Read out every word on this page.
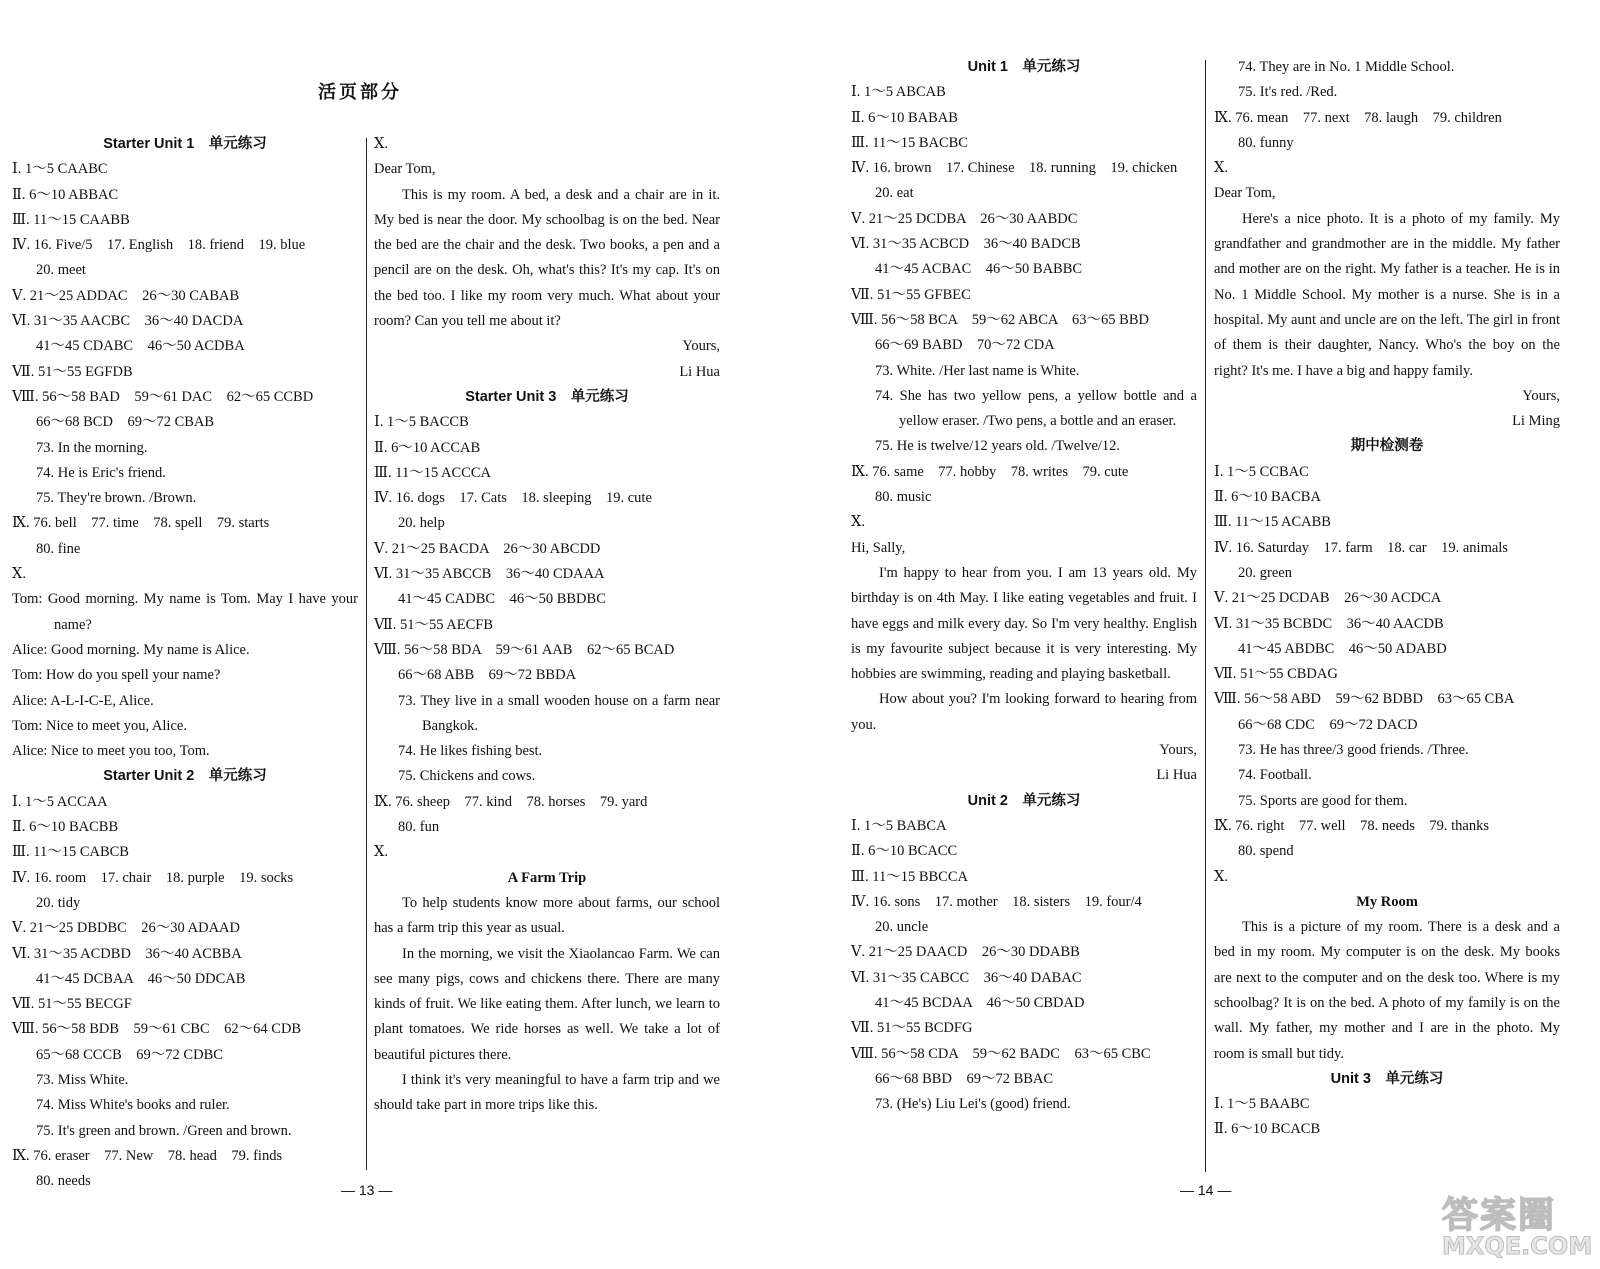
活页部分
Starter Unit 1　单元练习
Ⅰ. 1～5 CAABC
Ⅱ. 6～10 ABBAC
Ⅲ. 11～15 CAABB
Ⅳ. 16. Five/5　17. English　18. friend　19. blue
20. meet
Ⅴ. 21～25 ADDAC　26～30 CABAB
Ⅵ. 31～35 AACBC　36～40 DACDA
41～45 CDABC　46～50 ACDBA
Ⅶ. 51～55 EGFDB
Ⅷ. 56～58 BAD　59～61 DAC　62～65 CCBD
66～68 BCD　69～72 CBAB
73. In the morning.
74. He is Eric's friend.
75. They're brown. /Brown.
Ⅸ. 76. bell　77. time　78. spell　79. starts
80. fine
Ⅹ.
Tom: Good morning. My name is Tom. May I have your name?
Alice: Good morning. My name is Alice.
Tom: How do you spell your name?
Alice: A-L-I-C-E, Alice.
Tom: Nice to meet you, Alice.
Alice: Nice to meet you too, Tom.
Starter Unit 2　单元练习
Ⅰ. 1～5 ACCAA
Ⅱ. 6～10 BACBB
Ⅲ. 11～15 CABCB
Ⅳ. 16. room　17. chair　18. purple　19. socks
20. tidy
Ⅴ. 21～25 DBDBC　26～30 ADAAD
Ⅵ. 31～35 ACDBD　36～40 ACBBA
41～45 DCBAA　46～50 DDCAB
Ⅶ. 51～55 BECGF
Ⅷ. 56～58 BDB　59～61 CBC　62～64 CDB
65～68 CCCB　69～72 CDBC
73. Miss White.
74. Miss White's books and ruler.
75. It's green and brown. /Green and brown.
Ⅸ. 76. eraser　77. New　78. head　79. finds
80. needs
Ⅹ.
Dear Tom,
This is my room. A bed, a desk and a chair are in it. My bed is near the door. My schoolbag is on the bed. Near the bed are the chair and the desk. Two books, a pen and a pencil are on the desk. Oh, what's this? It's my cap. It's on the bed too. I like my room very much. What about your room? Can you tell me about it?
Yours,
Li Hua
Starter Unit 3　单元练习
Ⅰ. 1～5 BACCB
Ⅱ. 6～10 ACCAB
Ⅲ. 11～15 ACCCA
Ⅳ. 16. dogs　17. Cats　18. sleeping　19. cute
20. help
Ⅴ. 21～25 BACDA　26～30 ABCDD
Ⅵ. 31～35 ABCCB　36～40 CDAAA
41～45 CADBC　46～50 BBDBC
Ⅶ. 51～55 AECFB
Ⅷ. 56～58 BDA　59～61 AAB　62～65 BCAD
66～68 ABB　69～72 BBDA
73. They live in a small wooden house on a farm near Bangkok.
74. He likes fishing best.
75. Chickens and cows.
Ⅸ. 76. sheep　77. kind　78. horses　79. yard
80. fun
Ⅹ.
A Farm Trip
To help students know more about farms, our school has a farm trip this year as usual.
In the morning, we visit the Xiaolancao Farm. We can see many pigs, cows and chickens there. There are many kinds of fruit. We like eating them. After lunch, we learn to plant tomatoes. We ride horses as well. We take a lot of beautiful pictures there.
I think it's very meaningful to have a farm trip and we should take part in more trips like this.
Unit 1　单元练习
Ⅰ. 1～5 ABCAB
Ⅱ. 6～10 BABAB
Ⅲ. 11～15 BACBC
Ⅳ. 16. brown　17. Chinese　18. running　19. chicken
20. eat
Ⅴ. 21～25 DCDBA　26～30 AABDC
Ⅵ. 31～35 ACBCD　36～40 BADCB
41～45 ACBAC　46～50 BABBC
Ⅶ. 51～55 GFBEC
Ⅷ. 56～58 BCA　59～62 ABCA　63～65 BBD
66～69 BABD　70～72 CDA
73. White. /Her last name is White.
74. She has two yellow pens, a yellow bottle and a yellow eraser. /Two pens, a bottle and an eraser.
75. He is twelve/12 years old. /Twelve/12.
Ⅸ. 76. same　77. hobby　78. writes　79. cute
80. music
Ⅹ.
Hi, Sally,
I'm happy to hear from you. I am 13 years old. My birthday is on 4th May. I like eating vegetables and fruit. I have eggs and milk every day. So I'm very healthy. English is my favourite subject because it is very interesting. My hobbies are swimming, reading and playing basketball.
How about you? I'm looking forward to hearing from you.
Yours,
Li Hua
Unit 2　单元练习
Ⅰ. 1～5 BABCA
Ⅱ. 6～10 BCACC
Ⅲ. 11～15 BBCCA
Ⅳ. 16. sons　17. mother　18. sisters　19. four/4
20. uncle
Ⅴ. 21～25 DAACD　26～30 DDABB
Ⅵ. 31～35 CABCC　36～40 DABAC
41～45 BCDAA　46～50 CBDAD
Ⅶ. 51～55 BCDFG
Ⅷ. 56～58 CDA　59～62 BADC　63～65 CBC
66～68 BBD　69～72 BBAC
73. (He's) Liu Lei's (good) friend.
74. They are in No. 1 Middle School.
75. It's red. /Red.
Ⅸ. 76. mean　77. next　78. laugh　79. children
80. funny
Ⅹ.
Dear Tom,
Here's a nice photo. It is a photo of my family. My grandfather and grandmother are in the middle. My father and mother are on the right. My father is a teacher. He is in No. 1 Middle School. My mother is a nurse. She is in a hospital. My aunt and uncle are on the left. The girl in front of them is their daughter, Nancy. Who's the boy on the right? It's me. I have a big and happy family.
Yours,
Li Ming
期中检测卷
Ⅰ. 1～5 CCBAC
Ⅱ. 6～10 BACBA
Ⅲ. 11～15 ACABB
Ⅳ. 16. Saturday　17. farm　18. car　19. animals
20. green
Ⅴ. 21～25 DCDAB　26～30 ACDCA
Ⅵ. 31～35 BCBDC　36～40 AACDB
41～45 ABDBC　46～50 ADABD
Ⅶ. 51～55 CBDAG
Ⅷ. 56～58 ABD　59～62 BDBD　63～65 CBA
66～68 CDC　69～72 DACD
73. He has three/3 good friends. /Three.
74. Football.
75. Sports are good for them.
Ⅸ. 76. right　77. well　78. needs　79. thanks
80. spend
Ⅹ.
My Room
This is a picture of my room. There is a desk and a bed in my room. My computer is on the desk. My books are next to the computer and on the desk too. Where is my schoolbag? It is on the bed. A photo of my family is on the wall. My father, my mother and I are in the photo. My room is small but tidy.
Unit 3　单元练习
Ⅰ. 1～5 BAABC
Ⅱ. 6～10 BCACB
— 13 —	— 14 —
答案圈
MXQE.COM
